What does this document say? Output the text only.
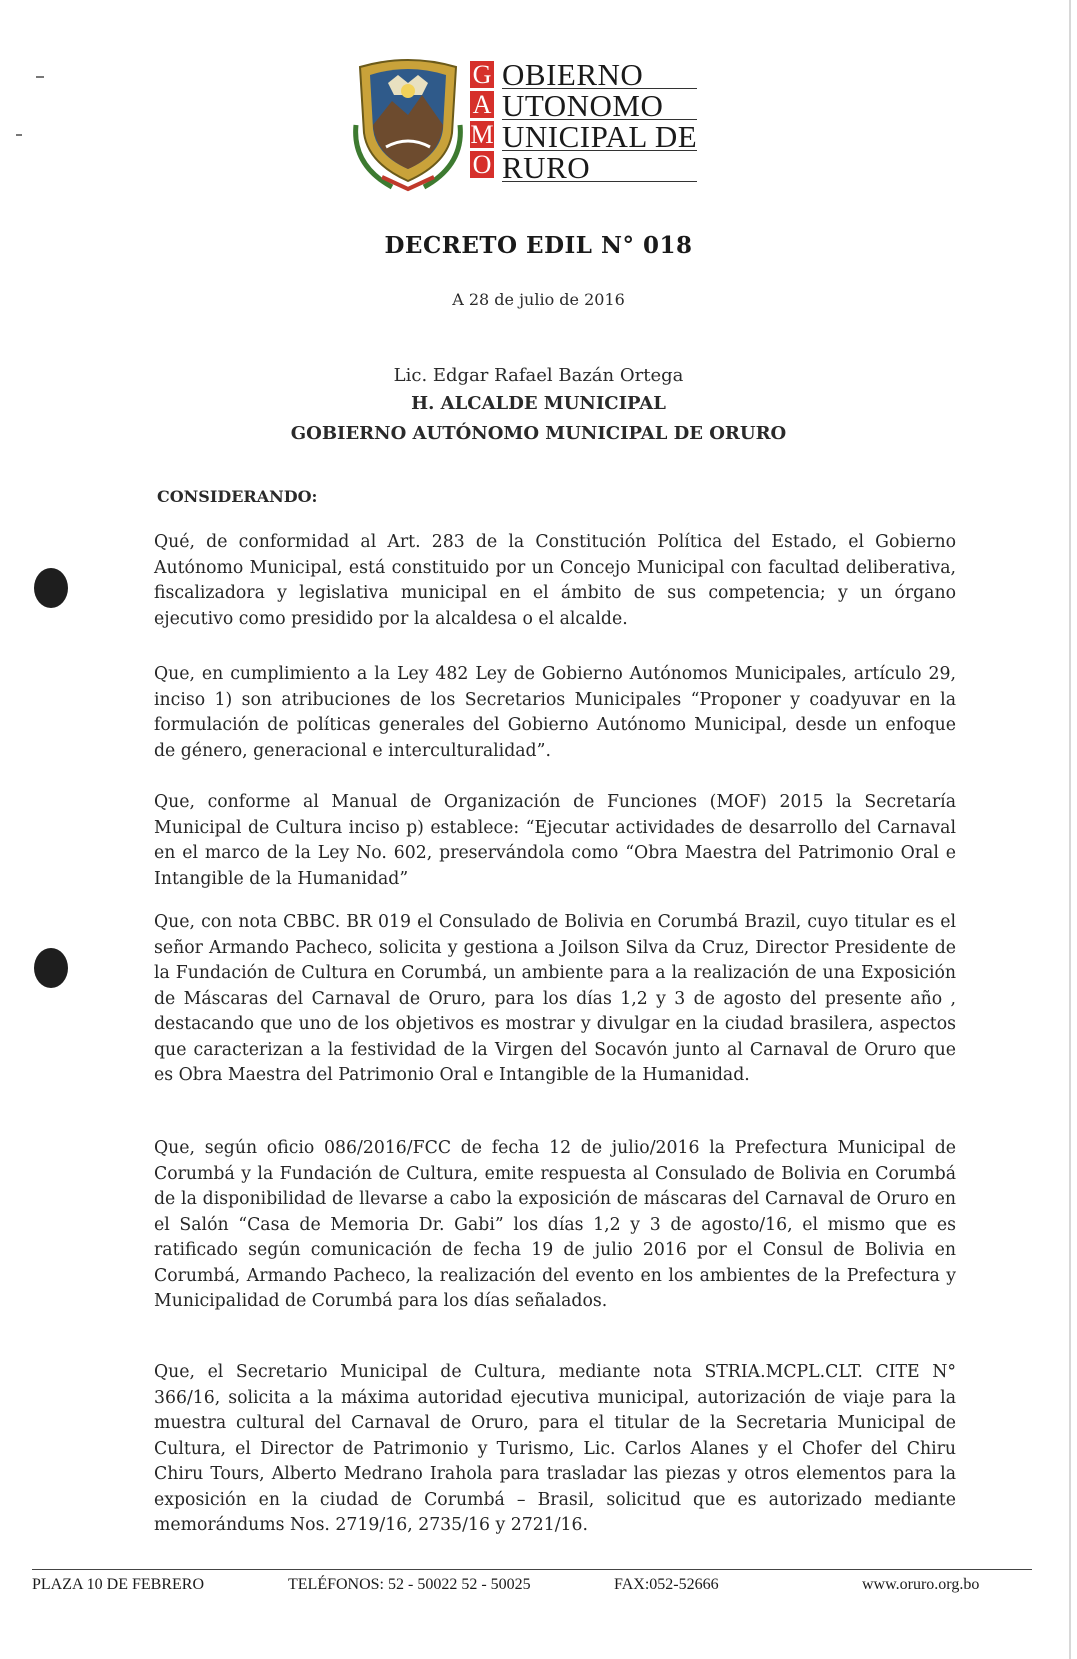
G
A
M
O
OBIERNO
UTONOMO
UNICIPAL DE
RURO
DECRETO EDIL N° 018
A 28 de julio de 2016
Lic. Edgar Rafael Bazán Ortega
H. ALCALDE MUNICIPAL
GOBIERNO AUTÓNOMO MUNICIPAL DE ORURO
CONSIDERANDO:

Qué, de conformidad al Art. 283 de la Constitución Política del Estado, el Gobierno Autónomo Municipal, está constituido por un Concejo Municipal con facultad deliberativa, fiscalizadora y legislativa municipal en el ámbito de sus competencia; y un órgano ejecutivo como presidido por la alcaldesa o el alcalde.

Que, en cumplimiento a la Ley 482 Ley de Gobierno Autónomos Municipales, artículo 29, inciso 1) son atribuciones de los Secretarios Municipales “Proponer y coadyuvar en la formulación de políticas generales del Gobierno Autónomo Municipal, desde un enfoque de género, generacional e interculturalidad”.

Que, conforme al Manual de Organización de Funciones (MOF) 2015 la Secretaría Municipal de Cultura inciso p) establece: “Ejecutar actividades de desarrollo del Carnaval en el marco de la Ley No. 602, preservándola como “Obra Maestra del Patrimonio Oral e Intangible de la Humanidad”

Que, con nota CBBC. BR 019 el Consulado de Bolivia en Corumbá Brazil, cuyo titular es el señor Armando Pacheco, solicita y gestiona a Joilson Silva da Cruz, Director Presidente de la Fundación de Cultura en Corumbá, un ambiente para a la realización de una Exposición de Máscaras del Carnaval de Oruro, para los días 1,2 y 3 de agosto del presente año , destacando que uno de los objetivos es mostrar y divulgar en la ciudad brasilera, aspectos que caracterizan a la festividad de la Virgen del Socavón junto al Carnaval de Oruro que es Obra Maestra del Patrimonio Oral e Intangible de la Humanidad.

Que, según oficio 086/2016/FCC de fecha 12 de julio/2016 la Prefectura Municipal de Corumbá y la Fundación de Cultura, emite respuesta al Consulado de Bolivia en Corumbá de la disponibilidad de llevarse a cabo la exposición de máscaras del Carnaval de Oruro en el Salón “Casa de Memoria Dr. Gabi” los días 1,2 y 3 de agosto/16, el mismo que es ratificado según comunicación de fecha 19 de julio 2016 por el Consul de Bolivia en Corumbá, Armando Pacheco, la realización del evento en los ambientes de la Prefectura y Municipalidad de Corumbá para los días señalados.

Que, el Secretario Municipal de Cultura, mediante nota STRIA.MCPL.CLT. CITE N° 366/16, solicita a la máxima autoridad ejecutiva municipal, autorización de viaje para la muestra cultural del Carnaval de Oruro, para el titular de la Secretaria Municipal de Cultura, el Director de Patrimonio y Turismo, Lic. Carlos Alanes y el Chofer del Chiru Chiru Tours, Alberto Medrano Irahola para trasladar las piezas y otros elementos para la exposición en la ciudad de Corumbá – Brasil, solicitud que es autorizado mediante memorándums Nos. 2719/16, 2735/16 y 2721/16.

PLAZA 10 DE FEBRERO	TELÉFONOS: 52 - 50022 52 - 50025	FAX:052-52666	www.oruro.org.bo
